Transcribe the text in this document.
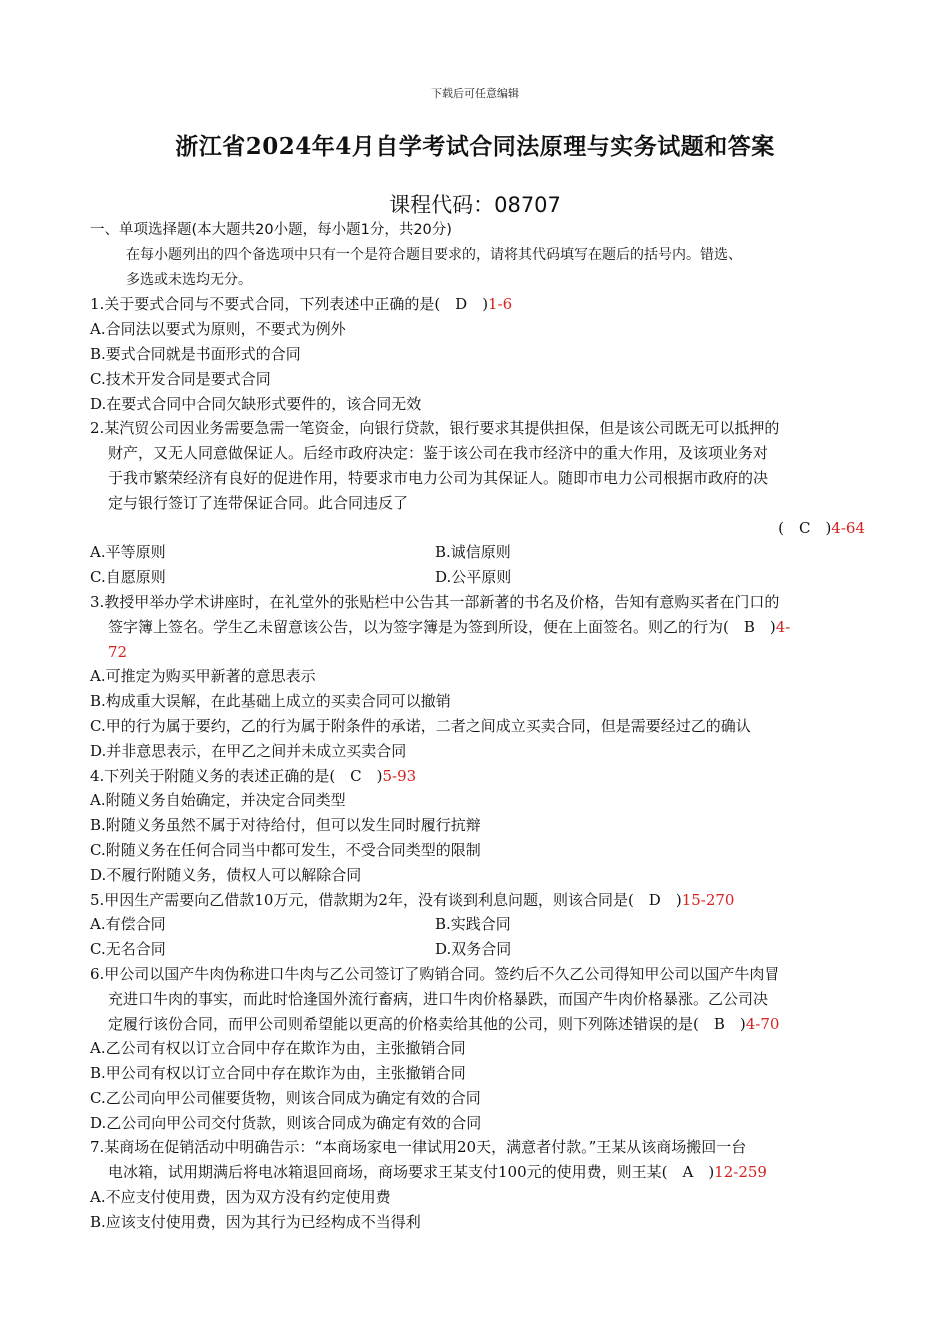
下载后可任意编辑
浙江省2024年4月自学考试合同法原理与实务试题和答案
课程代码：08707
一、单项选择题(本大题共20小题，每小题1分，共20分)
在每小题列出的四个备选项中只有一个是符合题目要求的，请将其代码填写在题后的括号内。错选、
多选或未选均无分。
1.关于要式合同与不要式合同，下列表述中正确的是(　D　)1-6
A.合同法以要式为原则，不要式为例外
B.要式合同就是书面形式的合同
C.技术开发合同是要式合同
D.在要式合同中合同欠缺形式要件的，该合同无效
2.某汽贸公司因业务需要急需一笔资金，向银行贷款，银行要求其提供担保，但是该公司既无可以抵押的
财产，又无人同意做保证人。后经市政府决定：鉴于该公司在我市经济中的重大作用，及该项业务对
于我市繁荣经济有良好的促进作用，特要求市电力公司为其保证人。随即市电力公司根据市政府的决
定与银行签订了连带保证合同。此合同违反了
(　C　)4-64
A.平等原则	B.诚信原则
C.自愿原则	D.公平原则
3.教授甲举办学术讲座时，在礼堂外的张贴栏中公告其一部新著的书名及价格，告知有意购买者在门口的
签字簿上签名。学生乙未留意该公告，以为签字簿是为签到所设，便在上面签名。则乙的行为(　B　)4-
72
A.可推定为购买甲新著的意思表示
B.构成重大误解，在此基础上成立的买卖合同可以撤销
C.甲的行为属于要约，乙的行为属于附条件的承诺，二者之间成立买卖合同，但是需要经过乙的确认
D.并非意思表示，在甲乙之间并未成立买卖合同
4.下列关于附随义务的表述正确的是(　C　)5-93
A.附随义务自始确定，并决定合同类型
B.附随义务虽然不属于对待给付，但可以发生同时履行抗辩
C.附随义务在任何合同当中都可发生，不受合同类型的限制
D.不履行附随义务，债权人可以解除合同
5.甲因生产需要向乙借款10万元，借款期为2年，没有谈到利息问题，则该合同是(　D　)15-270
A.有偿合同	B.实践合同
C.无名合同	D.双务合同
6.甲公司以国产牛肉伪称进口牛肉与乙公司签订了购销合同。签约后不久乙公司得知甲公司以国产牛肉冒
充进口牛肉的事实，而此时恰逢国外流行畜病，进口牛肉价格暴跌，而国产牛肉价格暴涨。乙公司决
定履行该份合同，而甲公司则希望能以更高的价格卖给其他的公司，则下列陈述错误的是(　B　)4-70
A.乙公司有权以订立合同中存在欺诈为由，主张撤销合同
B.甲公司有权以订立合同中存在欺诈为由，主张撤销合同
C.乙公司向甲公司催要货物，则该合同成为确定有效的合同
D.乙公司向甲公司交付货款，则该合同成为确定有效的合同
7.某商场在促销活动中明确告示：“本商场家电一律试用20天，满意者付款。”王某从该商场搬回一台
电冰箱，试用期满后将电冰箱退回商场，商场要求王某支付100元的使用费，则王某(　A　)12-259
A.不应支付使用费，因为双方没有约定使用费
B.应该支付使用费，因为其行为已经构成不当得利
